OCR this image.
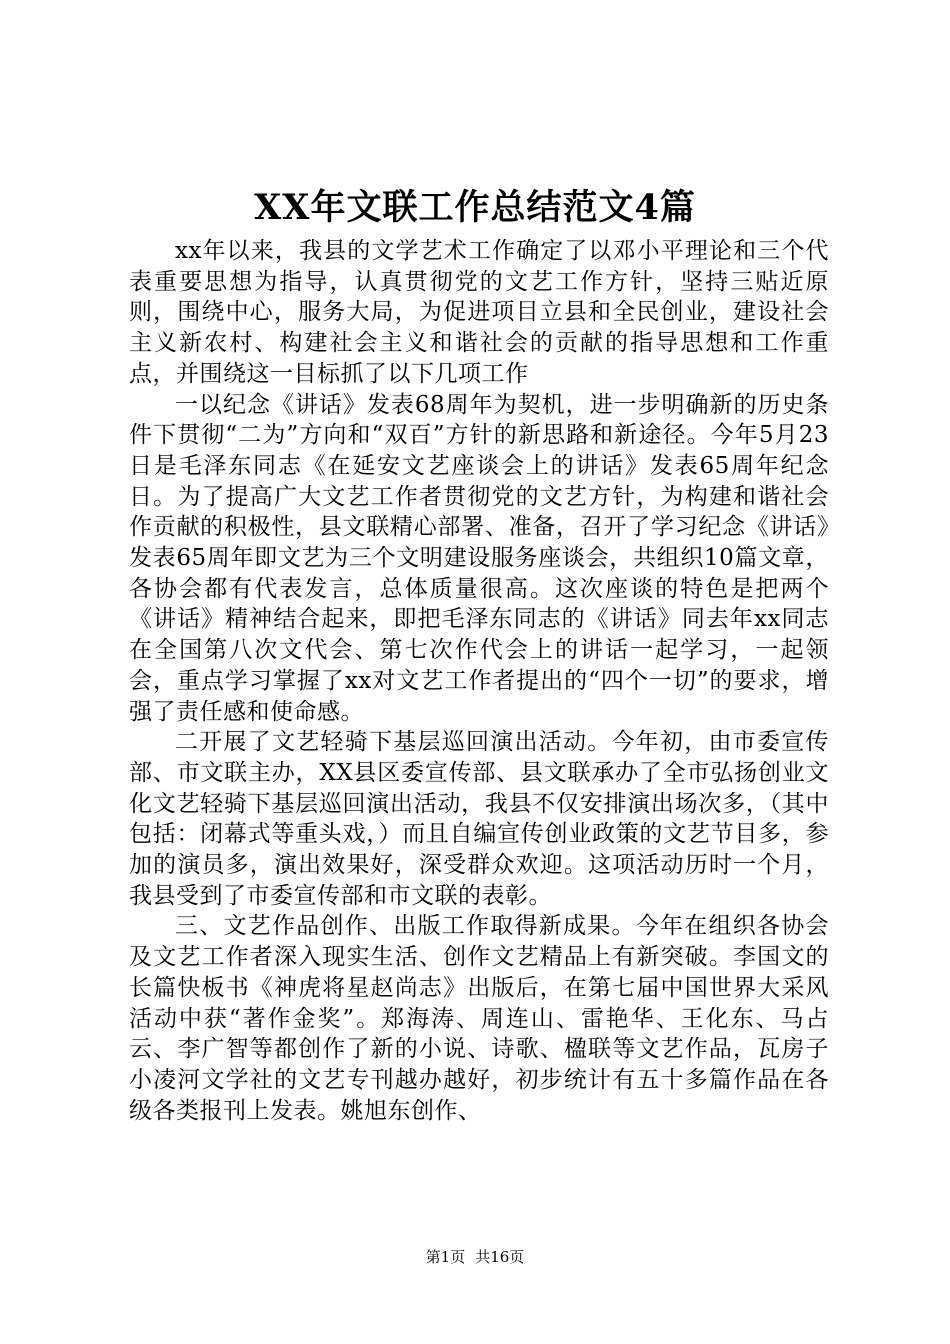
XX年文联工作总结范文4篇

xx年以来，我县的文学艺术工作确定了以邓小平理论和三个代表重要思想为指导，认真贯彻党的文艺工作方针，坚持三贴近原则，围绕中心，服务大局，为促进项目立县和全民创业，建设社会主义新农村、构建社会主义和谐社会的贡献的指导思想和工作重点，并围绕这一目标抓了以下几项工作

一以纪念《讲话》发表68周年为契机，进一步明确新的历史条件下贯彻“二为”方向和“双百”方针的新思路和新途径。今年5月23日是毛泽东同志《在延安文艺座谈会上的讲话》发表65周年纪念日。为了提高广大文艺工作者贯彻党的文艺方针，为构建和谐社会作贡献的积极性，县文联精心部署、准备，召开了学习纪念《讲话》发表65周年即文艺为三个文明建设服务座谈会，共组织10篇文章，各协会都有代表发言，总体质量很高。这次座谈的特色是把两个《讲话》精神结合起来，即把毛泽东同志的《讲话》同去年xx同志在全国第八次文代会、第七次作代会上的讲话一起学习，一起领会，重点学习掌握了xx对文艺工作者提出的“四个一切”的要求，增强了责任感和使命感。

二开展了文艺轻骑下基层巡回演出活动。今年初，由市委宣传部、市文联主办，XX县区委宣传部、县文联承办了全市弘扬创业文化文艺轻骑下基层巡回演出活动，我县不仅安排演出场次多，（其中包括：闭幕式等重头戏，）而且自编宣传创业政策的文艺节目多，参加的演员多，演出效果好，深受群众欢迎。这项活动历时一个月，我县受到了市委宣传部和市文联的表彰。

三、文艺作品创作、出版工作取得新成果。今年在组织各协会及文艺工作者深入现实生活、创作文艺精品上有新突破。李国文的长篇快板书《神虎将星赵尚志》出版后，在第七届中国世界大采风活动中获“著作金奖”。郑海涛、周连山、雷艳华、王化东、马占云、李广智等都创作了新的小说、诗歌、楹联等文艺作品，瓦房子小凌河文学社的文艺专刊越办越好，初步统计有五十多篇作品在各级各类报刊上发表。姚旭东创作、

第1页 共16页
